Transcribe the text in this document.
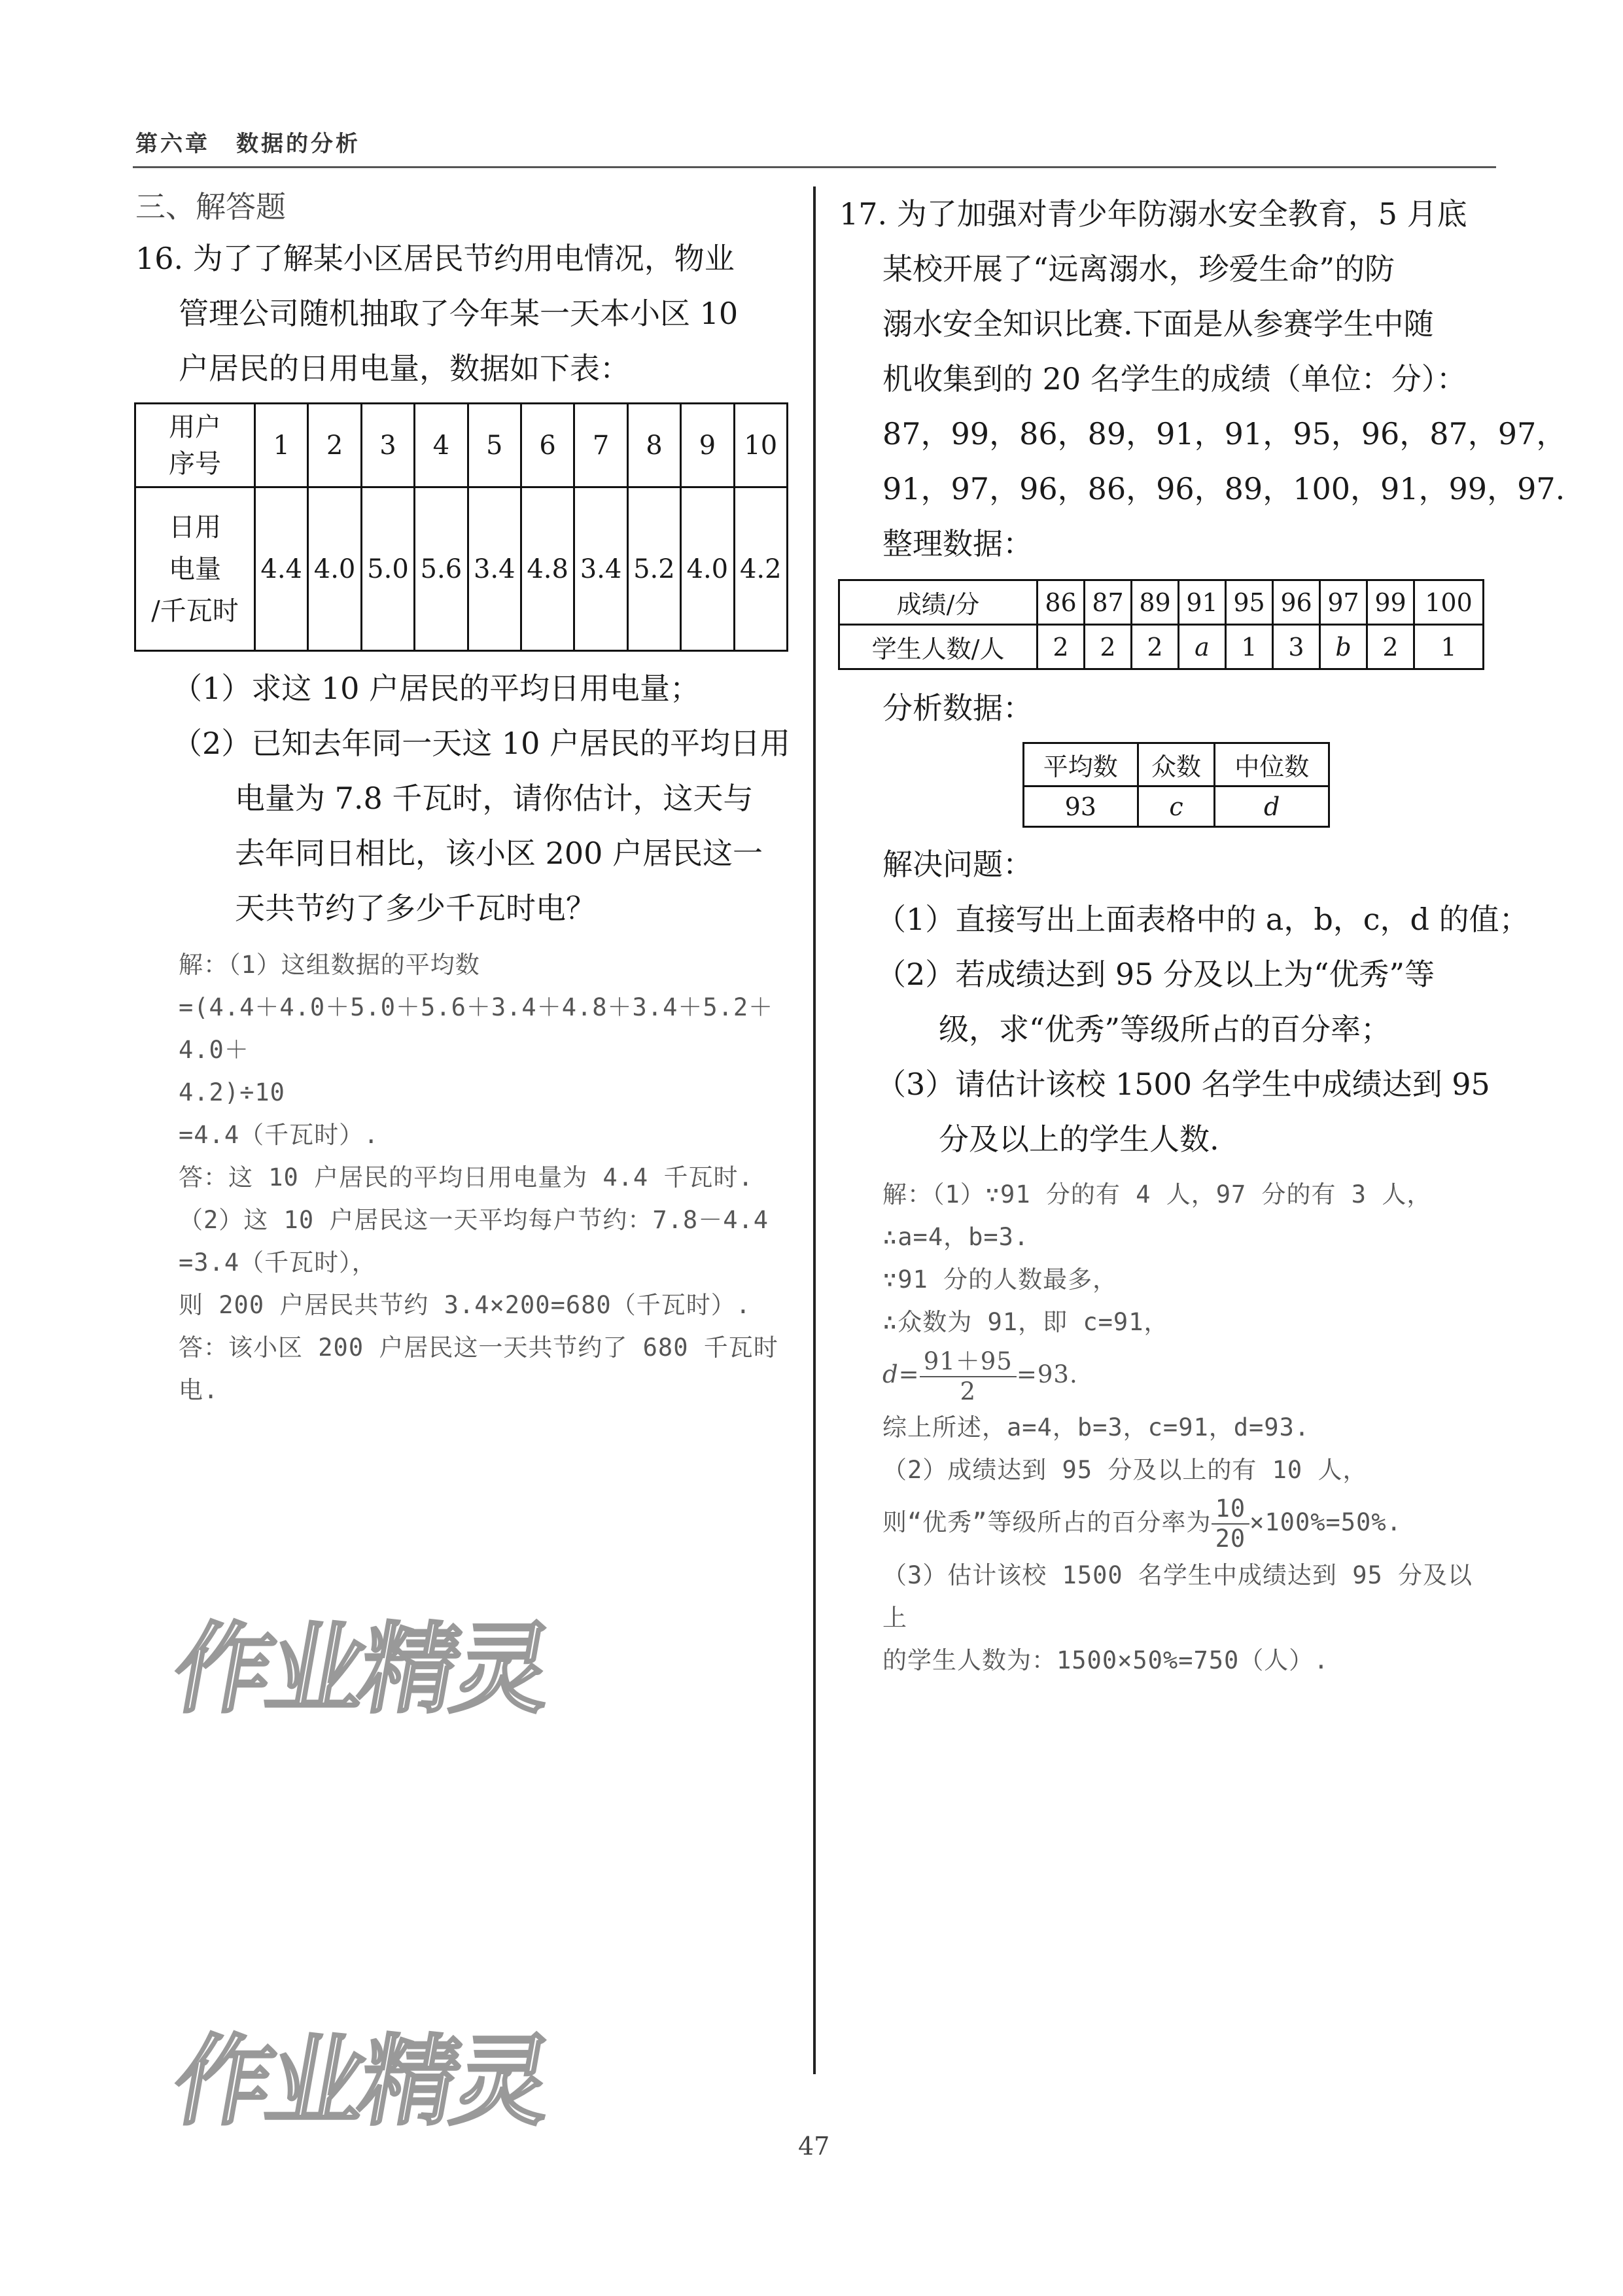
第六章 数据的分析
三、解答题
16. 为了了解某小区居民节约用电情况，物业
管理公司随机抽取了今年某一天本小区 10
户居民的日用电量，数据如下表：
用户
序号	1	2	3	4	5	6	7	8	9	10

日用
电量
/千瓦时	4.4	4.0	5.0	5.6	3.4	4.8	3.4	5.2	4.0	4.2
（1）求这 10 户居民的平均日用电量；
（2）已知去年同一天这 10 户居民的平均日用
电量为 7.8 千瓦时，请你估计，这天与
去年同日相比，该小区 200 户居民这一
天共节约了多少千瓦时电？
解：（1）这组数据的平均数
=(4.4＋4.0＋5.0＋5.6＋3.4＋4.8＋3.4＋5.2＋4.0＋
4.2)÷10
=4.4（千瓦时）.
答：这 10 户居民的平均日用电量为 4.4 千瓦时.
（2）这 10 户居民这一天平均每户节约：7.8－4.4
=3.4（千瓦时），
则 200 户居民共节约 3.4×200=680（千瓦时）.
答：该小区 200 户居民这一天共节约了 680 千瓦时电.
17. 为了加强对青少年防溺水安全教育，5 月底
某校开展了“远离溺水，珍爱生命”的防
溺水安全知识比赛.下面是从参赛学生中随
机收集到的 20 名学生的成绩（单位：分）：
87，99，86，89，91，91，95，96，87，97，
91，97，96，86，96，89，100，91，99，97.
整理数据：
成绩/分	86	87	89	91	95	96	97	99	100
学生人数/人	2	2	2	a	1	3	b	2	1
分析数据：
平均数	众数	中位数
93	c	d
解决问题：
（1）直接写出上面表格中的 a，b，c，d 的值；
（2）若成绩达到 95 分及以上为“优秀”等
级，求“优秀”等级所占的百分率；
（3）请估计该校 1500 名学生中成绩达到 95
分及以上的学生人数.
解：（1）∵91 分的有 4 人，97 分的有 3 人，
∴a=4，b=3.
∵91 分的人数最多，
∴众数为 91，即 c=91，
$d= \frac{91+95}{2} =93$.
综上所述，a=4，b=3，c=91，d=93.
（2）成绩达到 95 分及以上的有 10 人，
则“优秀”等级所占的百分率为 $\frac{10}{20} \times 100\%=50\%$.
（3）估计该校 1500 名学生中成绩达到 95 分及以上
的学生人数为：1500×50%=750（人）.
作业精灵
作业精灵
47
